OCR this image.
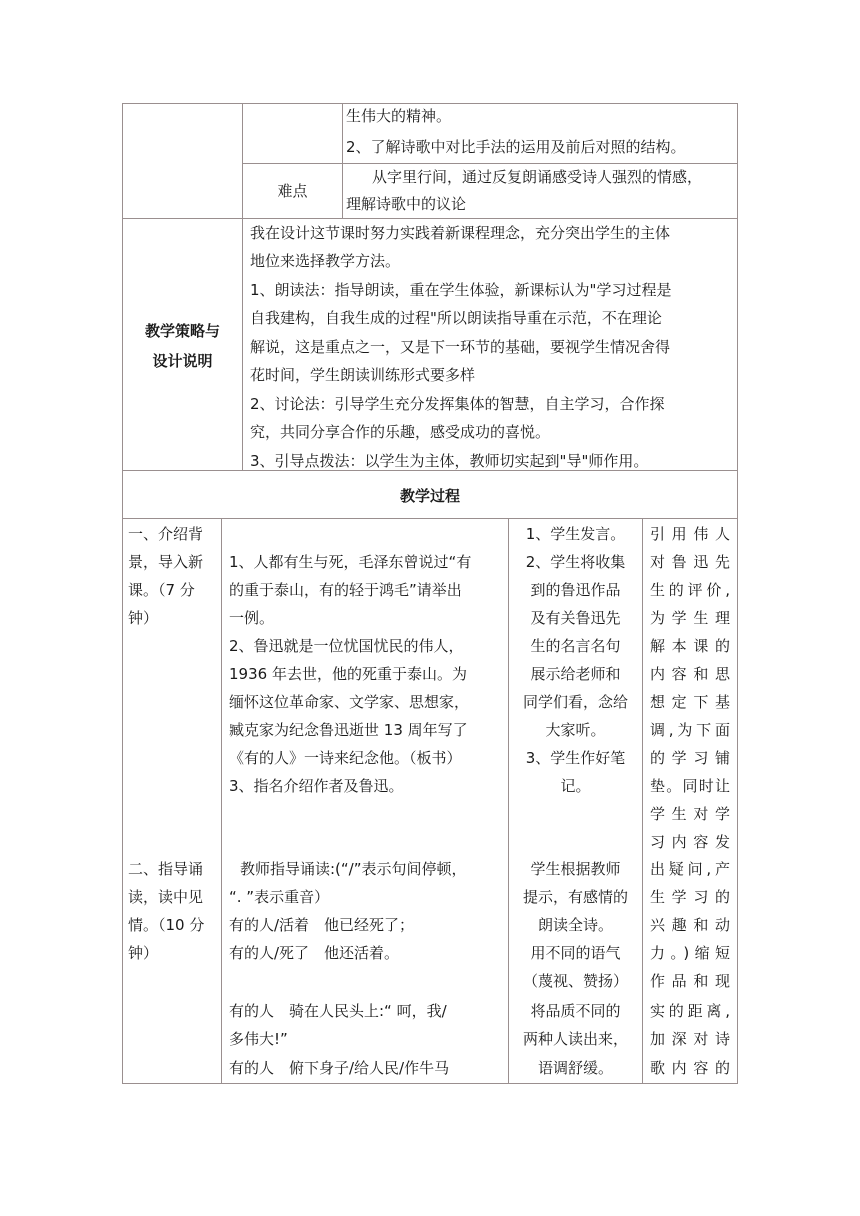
生伟大的精神。
2、了解诗歌中对比手法的运用及前后对照的结构。
难点
从字里行间，通过反复朗诵感受诗人强烈的情感，
理解诗歌中的议论
教学策略与
设计说明
我在设计这节课时努力实践着新课程理念，充分突出学生的主体
地位来选择教学方法。
1、朗读法：指导朗读，重在学生体验，新课标认为"学习过程是
自我建构，自我生成的过程"所以朗读指导重在示范，不在理论
解说，这是重点之一，又是下一环节的基础，要视学生情况舍得
花时间，学生朗读训练形式要多样
2、讨论法：引导学生充分发挥集体的智慧，自主学习，合作探
究，共同分享合作的乐趣，感受成功的喜悦。
3、引导点拨法：以学生为主体，教师切实起到"导"师作用。
教学过程
一、介绍背
景，导入新
课。（7 分
钟）
二、指导诵
读，读中见
情。（10 分
钟）
1、人都有生与死，毛泽东曾说过“有
的重于泰山，有的轻于鸿毛”请举出
一例。
2、鲁迅就是一位忧国忧民的伟人，
1936 年去世，他的死重于泰山。为
缅怀这位革命家、文学家、思想家，
臧克家为纪念鲁迅逝世 13 周年写了
《有的人》一诗来纪念他。（板书）
3、指名介绍作者及鲁迅。
教师指导诵读:(“/”表示句间停顿，
“. ”表示重音）
有的人/活着　他已经死了；
有的人/死了　他还活着。
有的人　骑在人民头上:“ 呵，我/
多伟大!”
有的人　俯下身子/给人民/作牛马
1、学生发言。
2、学生将收集
到的鲁迅作品
及有关鲁迅先
生的名言名句
展示给老师和
同学们看，念给
大家听。
3、学生作好笔
记。
学生根据教师
提示，有感情的
朗读全诗。
用不同的语气
（蔑视、赞扬）
将品质不同的
两种人读出来，
语调舒缓。
引用伟人
对鲁迅先
生的评价,
为学生理
解本课的
内容和思
想定下基
调,为下面
的学习铺
垫。同时让
学生对学
习内容发
出疑问,产
生学习的
兴趣和动
力。)缩短
作品和现
实的距离,
加深对诗
歌内容的
